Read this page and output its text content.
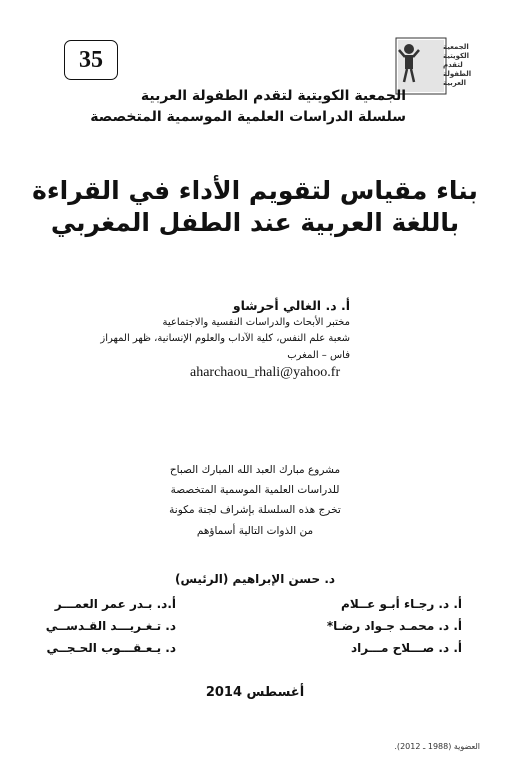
35	الجمعية
الكويتية
لتقدم
الطفولة
العربية
الجمعية الكويتية لتقدم الطفولة العربية
سلسلة الدراسات العلمية الموسمية المتخصصة
بناء مقياس لتقويم الأداء في القراءة
باللغة العربية عند الطفل المغربي
أ. د. الغالي أحرشاو
مختبر الأبحاث والدراسات النفسية والاجتماعية
شعبة علم النفس، كلية الآداب والعلوم الإنسانية، ظهر المهراز
فاس – المغرب
aharchaou_rhali@yahoo.fr
مشروع مبارك العبد الله المبارك الصباح
للدراسات العلمية الموسمية المتخصصة
تخرج هذه السلسلة بإشراف لجنة مكونة
من الذوات التالية أسماؤهم
د. حسن الإبراهيم (الرئيس)
أ. د. رجـاء أبـو عــلام
أ. د. محمـد جـواد رضـا*
أ. د. صـــلاح مـــراد
أ.د. بـدر عمر العمـــر
د. تـغـريـــد القـدســي
د. يـعـقـــوب الحـجــي
أغسطس 2014
العضوية (1988 ـ 2012).
